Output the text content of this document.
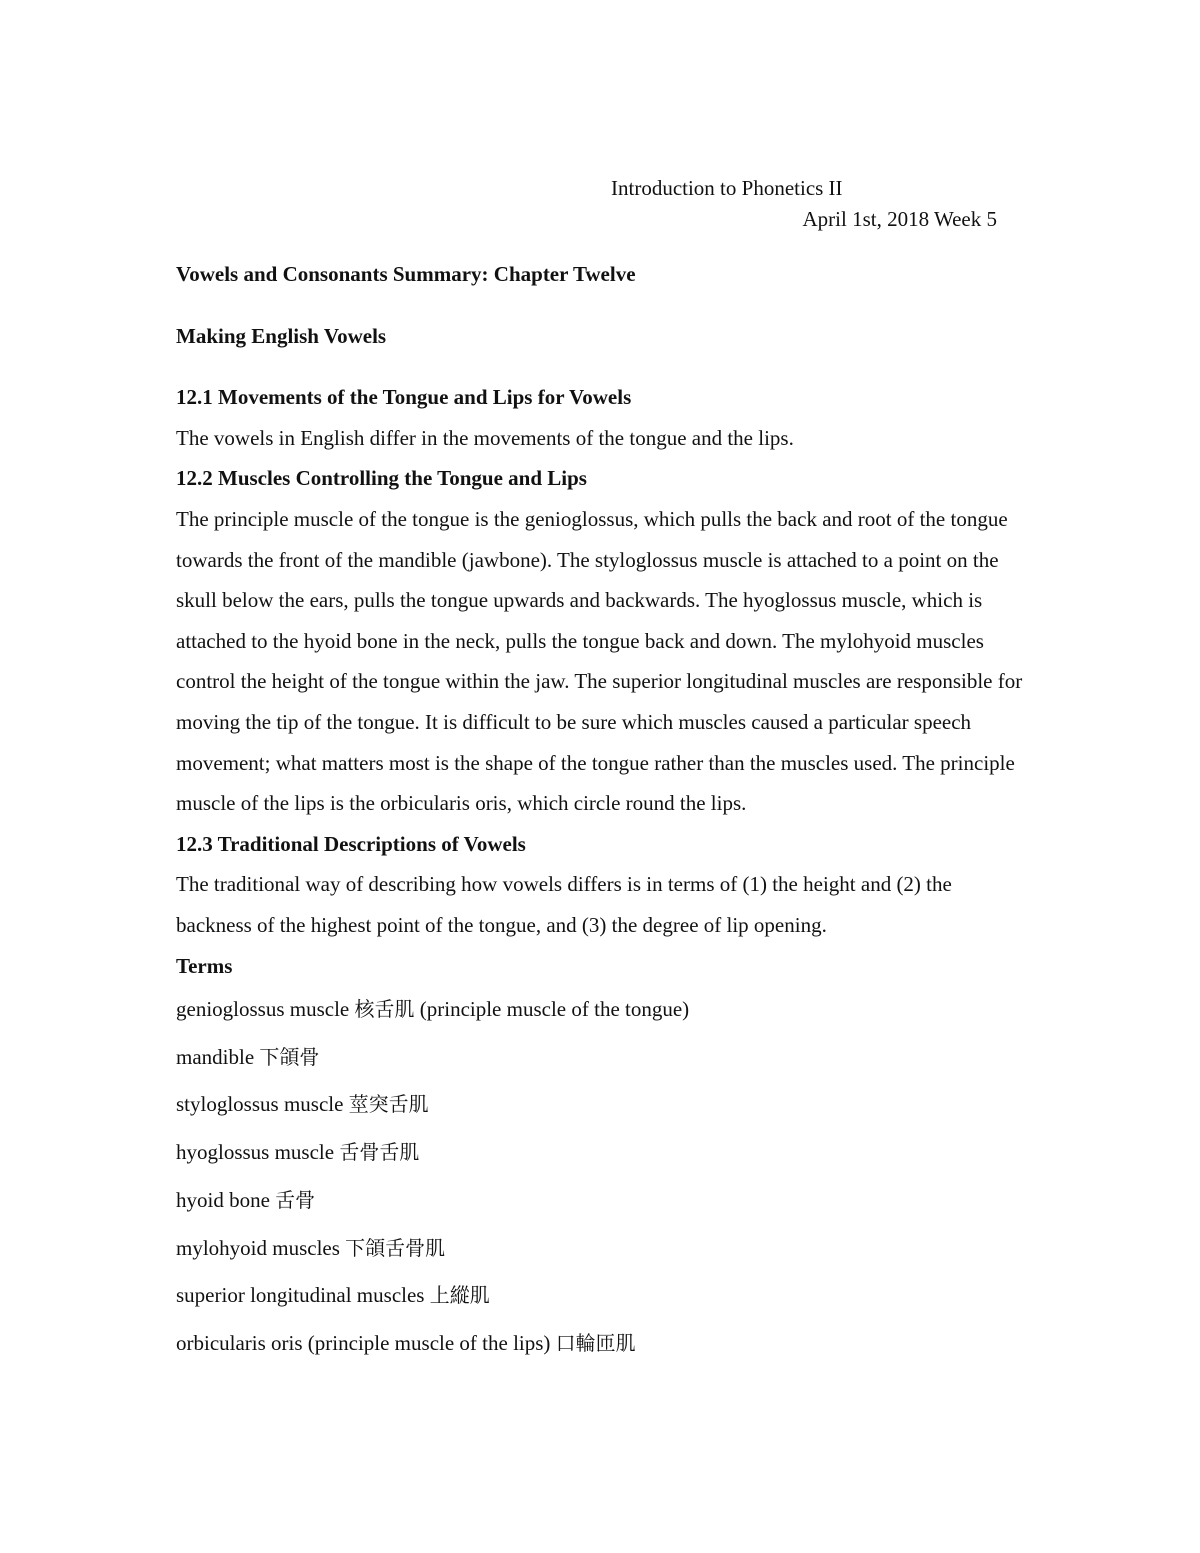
Introduction to Phonetics II
April 1st, 2018 Week 5
Vowels and Consonants Summary: Chapter Twelve
Making English Vowels
12.1 Movements of the Tongue and Lips for Vowels

The vowels in English differ in the movements of the tongue and the lips.

12.2 Muscles Controlling the Tongue and Lips

The principle muscle of the tongue is the genioglossus, which pulls the back and root of the tongue towards the front of the mandible (jawbone). The styloglossus muscle is attached to a point on the skull below the ears, pulls the tongue upwards and backwards. The hyoglossus muscle, which is attached to the hyoid bone in the neck, pulls the tongue back and down. The mylohyoid muscles control the height of the tongue within the jaw. The superior longitudinal muscles are responsible for moving the tip of the tongue. It is difficult to be sure which muscles caused a particular speech movement; what matters most is the shape of the tongue rather than the muscles used. The principle muscle of the lips is the orbicularis oris, which circle round the lips.

12.3 Traditional Descriptions of Vowels

The traditional way of describing how vowels differs is in terms of (1) the height and (2) the backness of the highest point of the tongue, and (3) the degree of lip opening.

Terms
genioglossus muscle 核舌肌 (principle muscle of the tongue)
mandible 下頜骨
styloglossus muscle 莖突舌肌
hyoglossus muscle 舌骨舌肌
hyoid bone 舌骨
mylohyoid muscles 下頜舌骨肌
superior longitudinal muscles 上縱肌
orbicularis oris (principle muscle of the lips) 口輪匝肌
